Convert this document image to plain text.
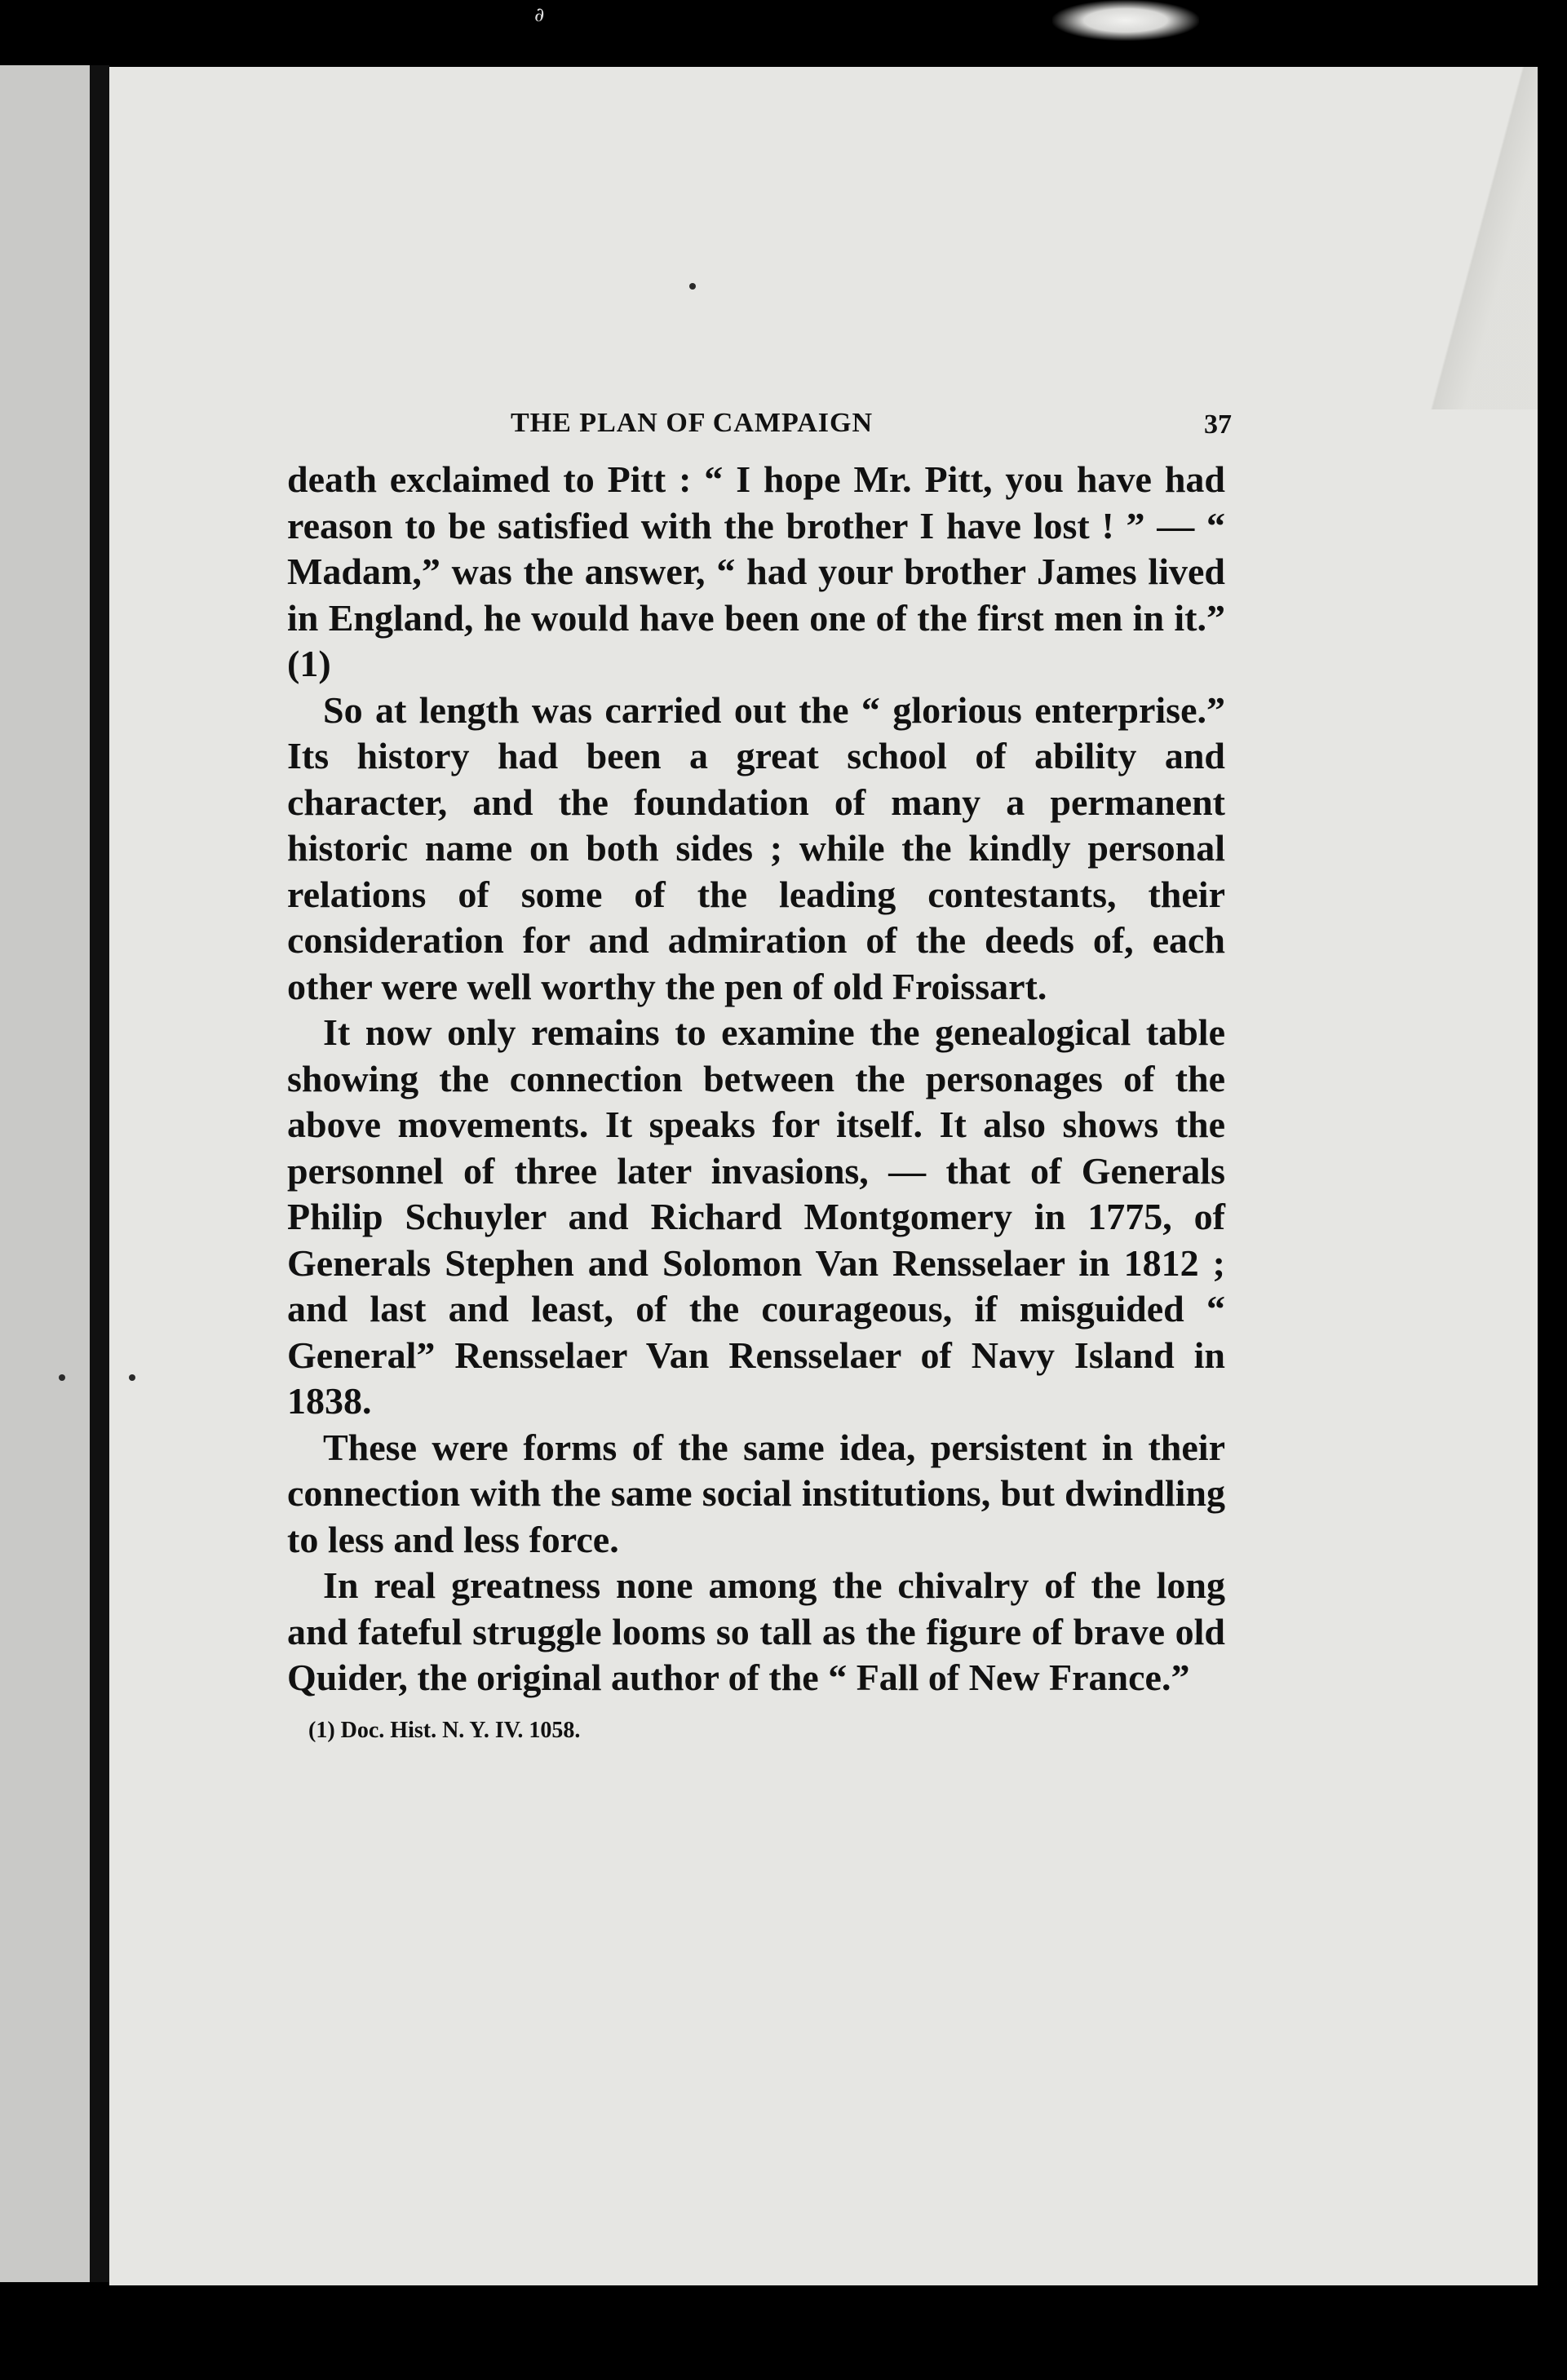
∂
THE PLAN OF CAMPAIGN	37

death exclaimed to Pitt : “ I hope Mr. Pitt, you have had reason to be satisfied with the brother I have lost ! ” — “ Madam,” was the answer, “ had your brother James lived in England, he would have been one of the first men in it.” (1)

So at length was carried out the “ glorious enterprise.” Its history had been a great school of ability and character, and the foundation of many a permanent historic name on both sides ; while the kindly personal relations of some of the leading contestants, their consideration for and admiration of the deeds of, each other were well worthy the pen of old Froissart.

It now only remains to examine the genealogical table showing the connection between the personages of the above movements. It speaks for itself. It also shows the personnel of three later invasions, — that of Generals Philip Schuyler and Richard Montgomery in 1775, of Generals Stephen and Solomon Van Rensselaer in 1812 ; and last and least, of the courageous, if misguided “ General” Rensselaer Van Rensselaer of Navy Island in 1838.

These were forms of the same idea, persistent in their connection with the same social institutions, but dwindling to less and less force.

In real greatness none among the chivalry of the long and fateful struggle looms so tall as the figure of brave old Quider, the original author of the “ Fall of New France.”

(1) Doc. Hist. N. Y. IV. 1058.
